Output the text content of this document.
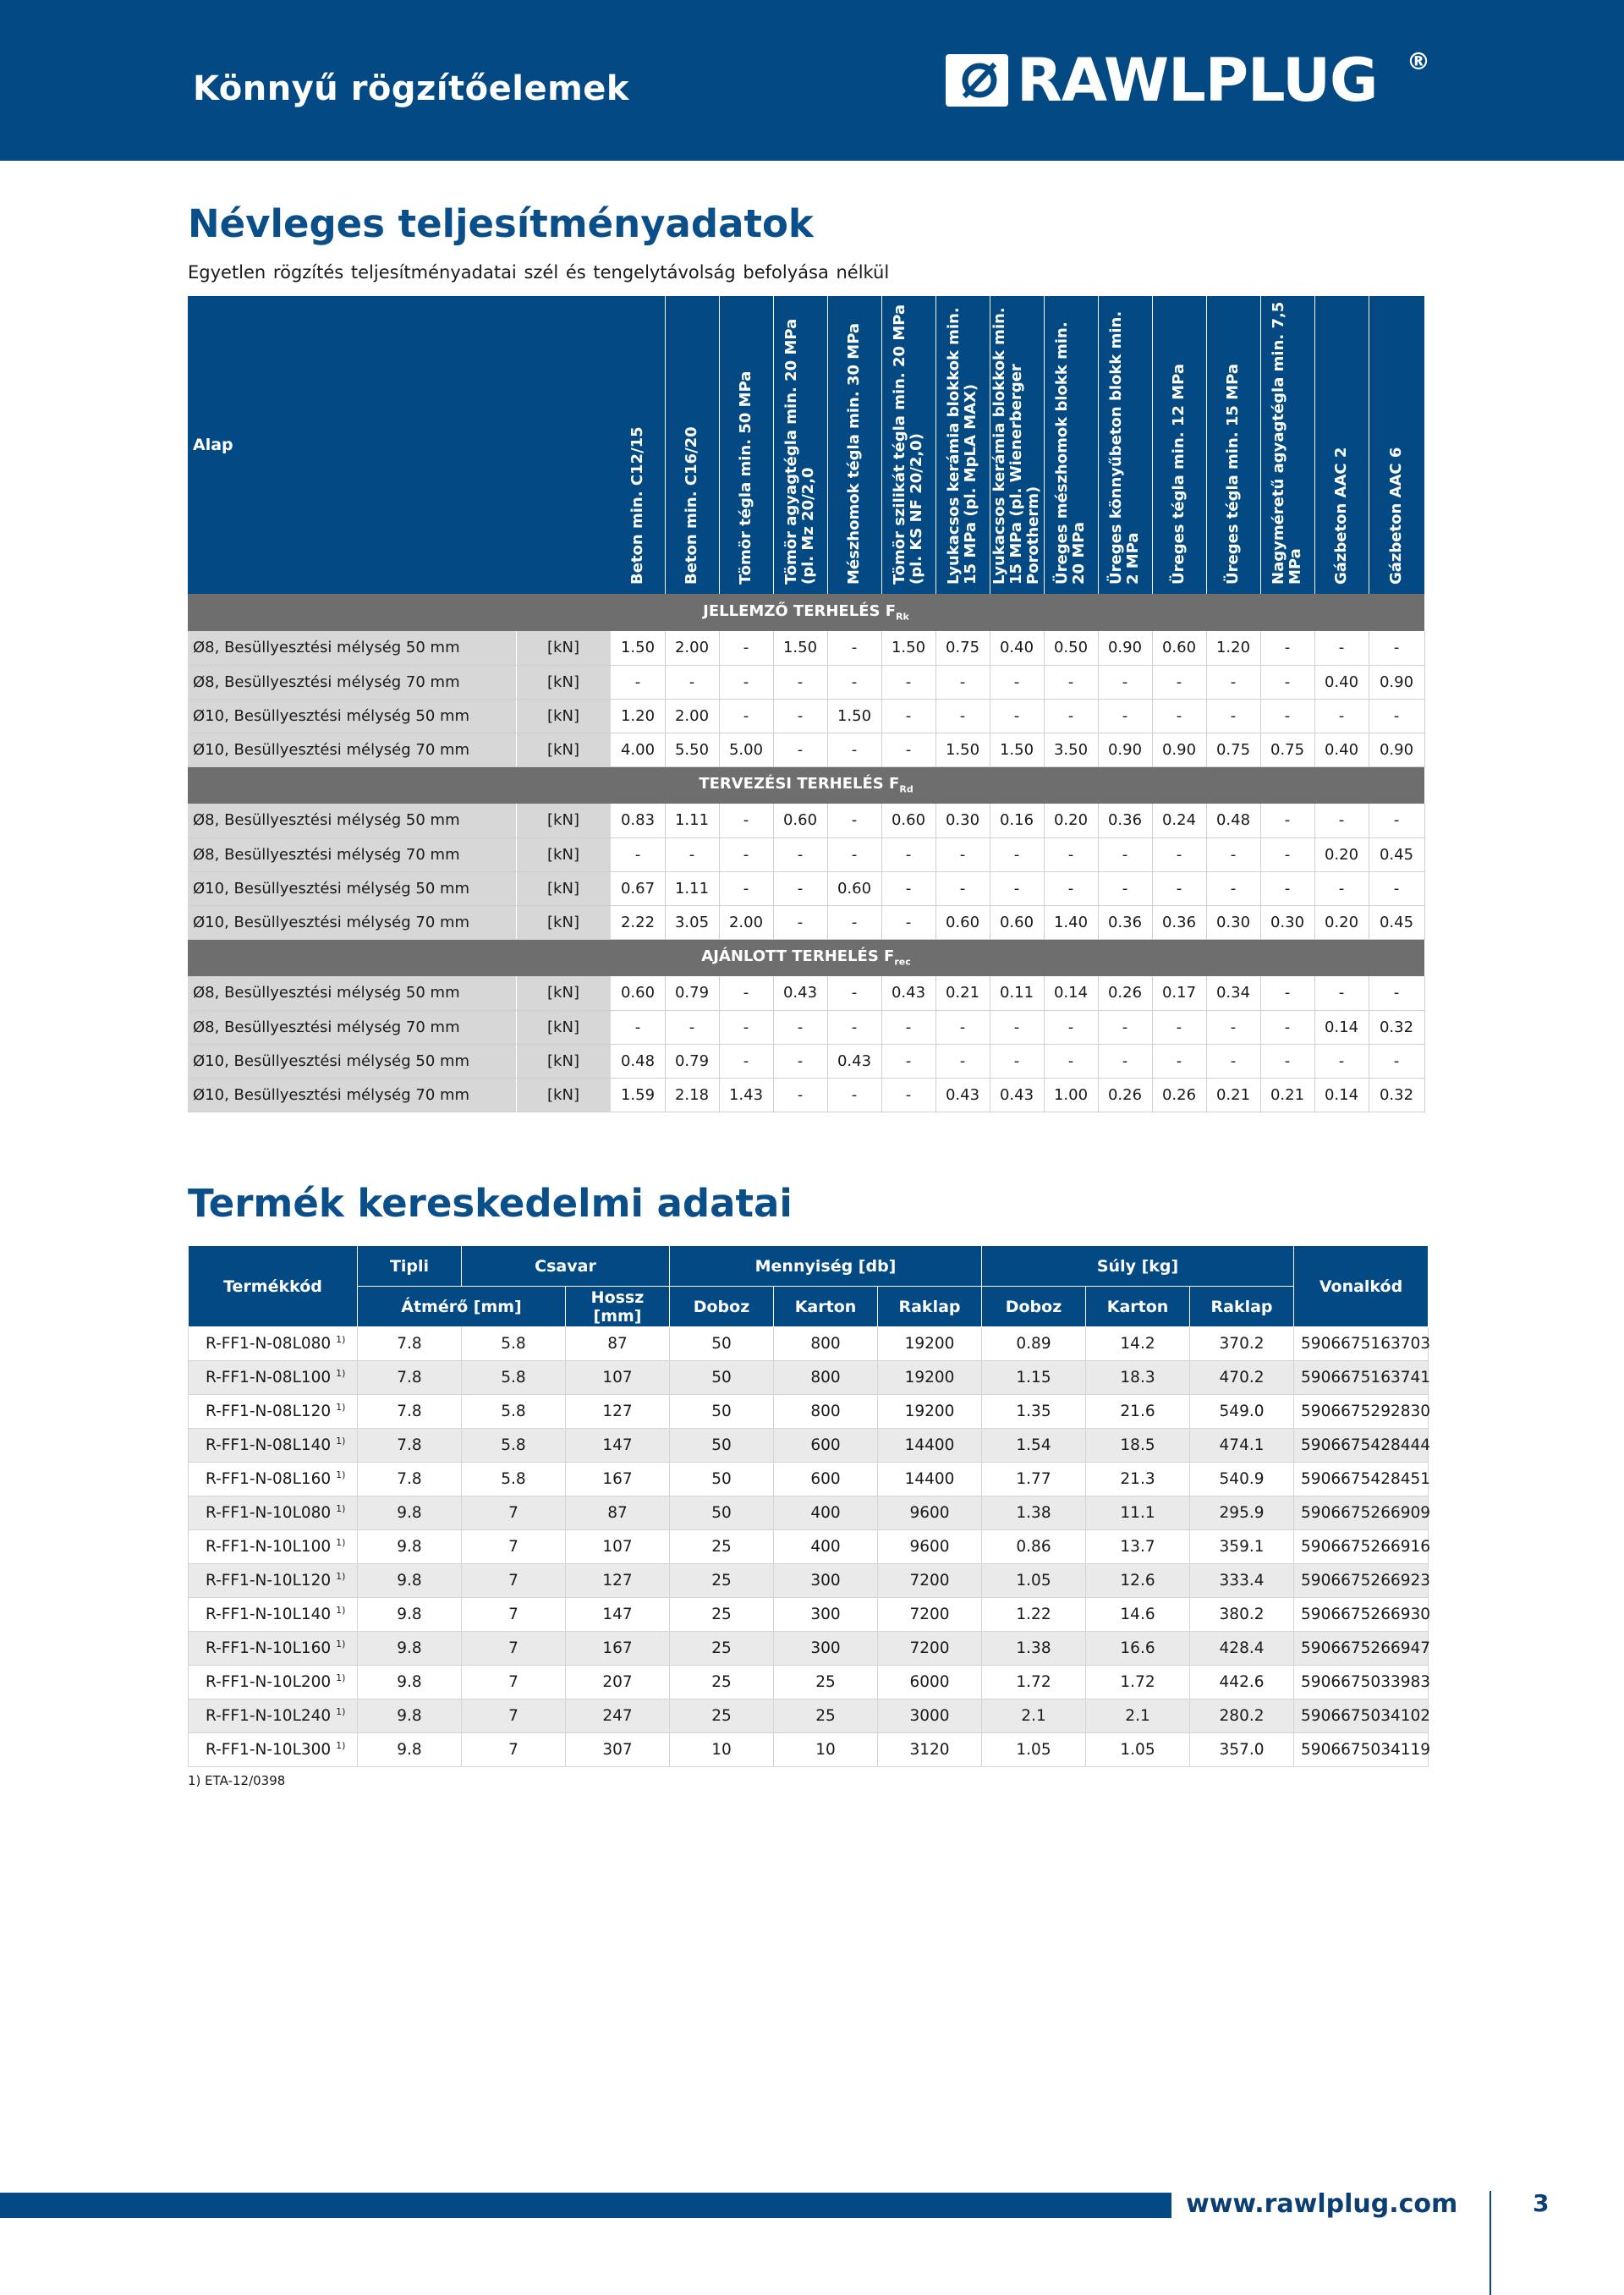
Könnyű rögzítőelemek	RAWLPLUG ®
Névleges teljesítményadatok
Egyetlen rögzítés teljesítményadatai szél és tengelytávolság befolyása nélkül
Alap		Beton min. C12/15	Beton min. C16/20	Tömör tégla min. 50 MPa	Tömör agyagtégla min. 20 MPa (pl. Mz 20/2,0	Mészhomok tégla min. 30 MPa	Tömör szilikát tégla min. 20 MPa (pl. KS NF 20/2,0)	Lyukacsos kerámia blokkok min. 15 MPa (pl. MpLA MAX)	Lyukacsos kerámia blokkok min. 15 MPa (pl. Wienerberger Porotherm)	Üreges mészhomok blokk min. 20 MPa	Üreges könnyűbeton blokk min. 2 MPa	Üreges tégla min. 12 MPa	Üreges tégla min. 15 MPa	Nagyméretű agyagtégla min. 7,5 MPa	Gázbeton AAC 2	Gázbeton AAC 6
JELLEMZŐ TERHELÉS $F_{Rk}$
Ø8, Besüllyesztési mélység 50 mm	[kN]	1.50	2.00	-	1.50	-	1.50	0.75	0.40	0.50	0.90	0.60	1.20	-	-	-
Ø8, Besüllyesztési mélység 70 mm	[kN]	-	-	-	-	-	-	-	-	-	-	-	-	-	0.40	0.90
Ø10, Besüllyesztési mélység 50 mm	[kN]	1.20	2.00	-	-	1.50	-	-	-	-	-	-	-	-	-	-
Ø10, Besüllyesztési mélység 70 mm	[kN]	4.00	5.50	5.00	-	-	-	1.50	1.50	3.50	0.90	0.90	0.75	0.75	0.40	0.90
TERVEZÉSI TERHELÉS $F_{Rd}$
Ø8, Besüllyesztési mélység 50 mm	[kN]	0.83	1.11	-	0.60	-	0.60	0.30	0.16	0.20	0.36	0.24	0.48	-	-	-
Ø8, Besüllyesztési mélység 70 mm	[kN]	-	-	-	-	-	-	-	-	-	-	-	-	-	0.20	0.45
Ø10, Besüllyesztési mélység 50 mm	[kN]	0.67	1.11	-	-	0.60	-	-	-	-	-	-	-	-	-	-
Ø10, Besüllyesztési mélység 70 mm	[kN]	2.22	3.05	2.00	-	-	-	0.60	0.60	1.40	0.36	0.36	0.30	0.30	0.20	0.45
AJÁNLOTT TERHELÉS $F_{rec}$
Ø8, Besüllyesztési mélység 50 mm	[kN]	0.60	0.79	-	0.43	-	0.43	0.21	0.11	0.14	0.26	0.17	0.34	-	-	-
Ø8, Besüllyesztési mélység 70 mm	[kN]	-	-	-	-	-	-	-	-	-	-	-	-	-	0.14	0.32
Ø10, Besüllyesztési mélység 50 mm	[kN]	0.48	0.79	-	-	0.43	-	-	-	-	-	-	-	-	-	-
Ø10, Besüllyesztési mélység 70 mm	[kN]	1.59	2.18	1.43	-	-	-	0.43	0.43	1.00	0.26	0.26	0.21	0.21	0.14	0.32
Termék kereskedelmi adatai
Termékkód	Tipli	Csavar		Mennyiség [db]			Súly [kg]			Vonalkód
	Átmérő [mm]		Hossz [mm]	Doboz	Karton	Raklap	Doboz	Karton	Raklap	
R-FF1-N-08L080 $^{1)}$	7.8	5.8	87	50	800	19200	0.89	14.2	370.2	5906675163703
R-FF1-N-08L100 $^{1)}$	7.8	5.8	107	50	800	19200	1.15	18.3	470.2	5906675163741
R-FF1-N-08L120 $^{1)}$	7.8	5.8	127	50	800	19200	1.35	21.6	549.0	5906675292830
R-FF1-N-08L140 $^{1)}$	7.8	5.8	147	50	600	14400	1.54	18.5	474.1	5906675428444
R-FF1-N-08L160 $^{1)}$	7.8	5.8	167	50	600	14400	1.77	21.3	540.9	5906675428451
R-FF1-N-10L080 $^{1)}$	9.8	7	87	50	400	9600	1.38	11.1	295.9	5906675266909
R-FF1-N-10L100 $^{1)}$	9.8	7	107	25	400	9600	0.86	13.7	359.1	5906675266916
R-FF1-N-10L120 $^{1)}$	9.8	7	127	25	300	7200	1.05	12.6	333.4	5906675266923
R-FF1-N-10L140 $^{1)}$	9.8	7	147	25	300	7200	1.22	14.6	380.2	5906675266930
R-FF1-N-10L160 $^{1)}$	9.8	7	167	25	300	7200	1.38	16.6	428.4	5906675266947
R-FF1-N-10L200 $^{1)}$	9.8	7	207	25	25	6000	1.72	1.72	442.6	5906675033983
R-FF1-N-10L240 $^{1)}$	9.8	7	247	25	25	3000	2.1	2.1	280.2	5906675034102
R-FF1-N-10L300 $^{1)}$	9.8	7	307	10	10	3120	1.05	1.05	357.0	5906675034119
1) ETA-12/0398
www.rawlplug.com	3
